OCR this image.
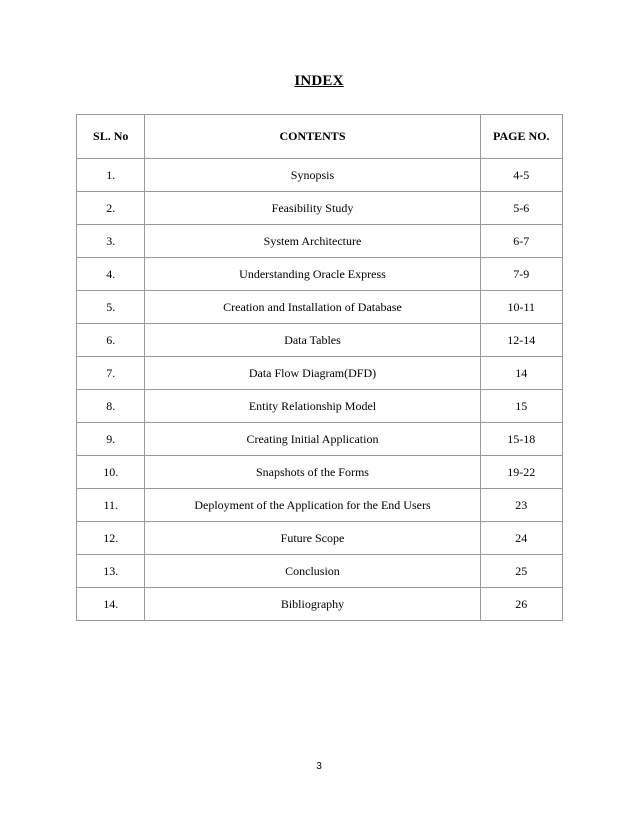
INDEX
SL. No	CONTENTS	PAGE NO.
1.	Synopsis	4-5
2.	Feasibility Study	5-6
3.	System Architecture	6-7
4.	Understanding Oracle Express	7-9
5.	Creation and Installation of Database	10-11
6.	Data Tables	12-14
7.	Data Flow Diagram(DFD)	14
8.	Entity Relationship Model	15
9.	Creating Initial Application	15-18
10.	Snapshots of the Forms	19-22
11.	Deployment of the Application for the End Users	23
12.	Future Scope	24
13.	Conclusion	25
14.	Bibliography	26
3
